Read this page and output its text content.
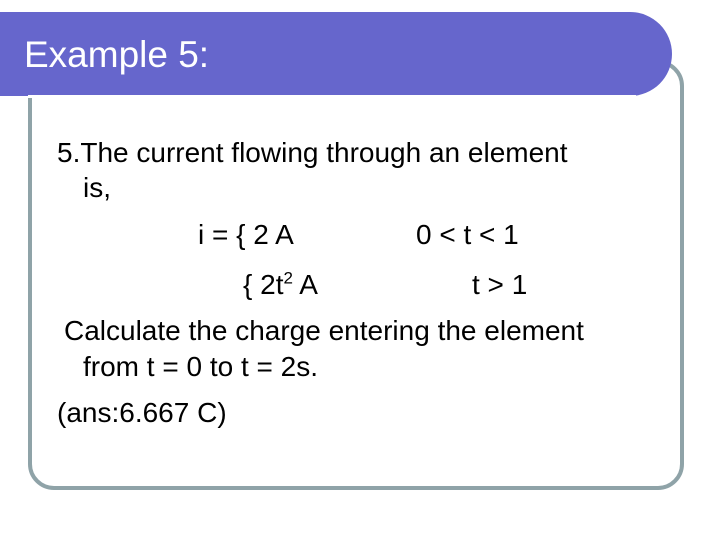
Example 5:
5.The current flowing through an element
is,
i = { 2 A	0 < t < 1
{ $2t^2$ A	t > 1
Calculate the charge entering the element
from t = 0 to t = 2s.
(ans:6.667 C)
